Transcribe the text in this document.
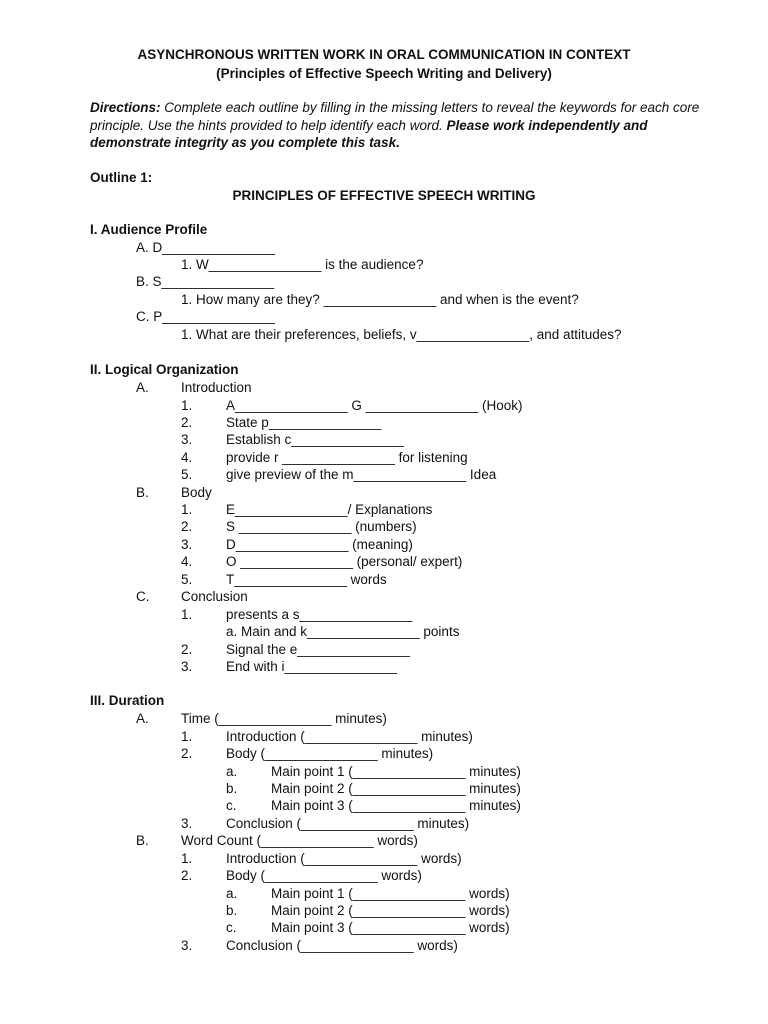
ASYNCHRONOUS WRITTEN WORK IN ORAL COMMUNICATION IN CONTEXT
(Principles of Effective Speech Writing and Delivery)
Directions: Complete each outline by filling in the missing letters to reveal the keywords for each core principle. Use the hints provided to help identify each word. Please work independently and demonstrate integrity as you complete this task.
Outline 1:
PRINCIPLES OF EFFECTIVE SPEECH WRITING
I. Audience Profile
A. D_______________
1. W_______________ is the audience?
B. S_______________
1. How many are they? _______________ and when is the event?
C. P_______________
1. What are their preferences, beliefs, v_______________, and attitudes?
II. Logical Organization
A. Introduction
1. A_______________ G _______________ (Hook)
2. State p_______________
3. Establish c_______________
4. provide r _______________ for listening
5. give preview of the m_______________ Idea
B. Body
1. E_______________/ Explanations
2. S _______________ (numbers)
3. D_______________ (meaning)
4. O _______________ (personal/ expert)
5. T_______________ words
C. Conclusion
1. presents a s_______________
a. Main and k_______________ points
2. Signal the e_______________
3. End with i_______________
III. Duration
A. Time (_______________ minutes)
1. Introduction (_______________ minutes)
2. Body (_______________ minutes)
a. Main point 1 (_______________ minutes)
b. Main point 2 (_______________ minutes)
c.	Main point 3 (_______________ minutes)
3. Conclusion (_______________ minutes)
B. Word Count (_______________ words)
1. Introduction (_______________ words)
2. Body (_______________ words)
a. Main point 1 (_______________ words)
b. Main point 2 (_______________ words)
c.	Main point 3 (_______________ words)
3. Conclusion (_______________ words)
